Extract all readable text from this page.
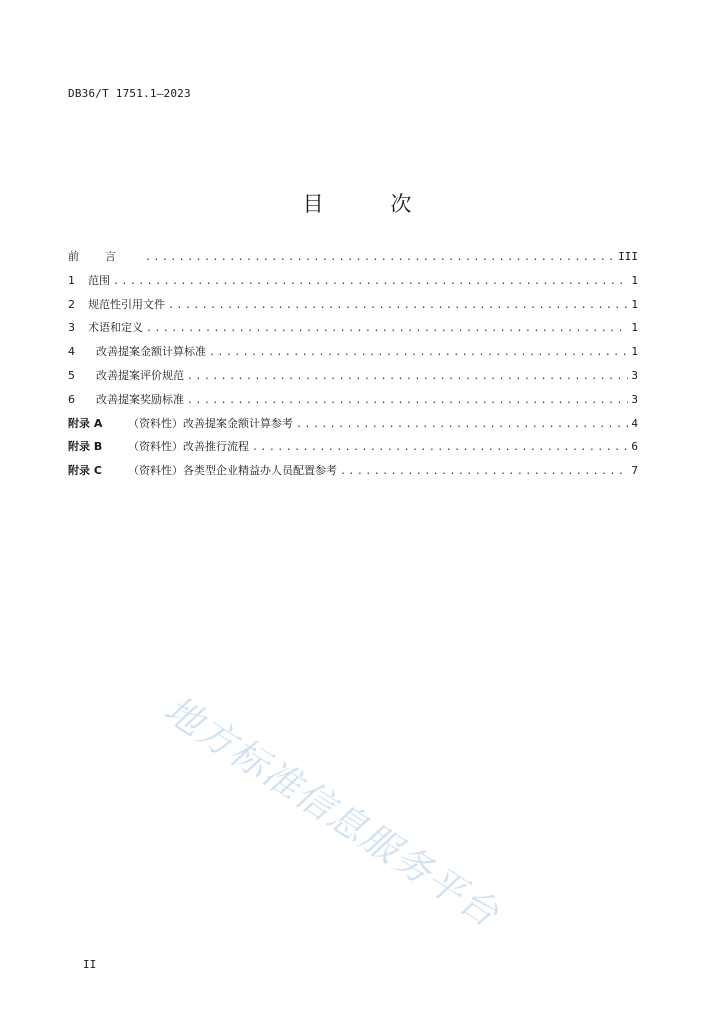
DB36/T 1751.1—2023
目 次
前言 .....	III
1	范围 .....	1
2	规范性引用文件 .....	1
3	术语和定义 .....	1
4	改善提案金额计算标准 .....	1
5	改善提案评价规范 .....	3
6	改善提案奖励标准 .....	3
附录 A	（资料性） 改善提案金额计算参考 .....	4
附录 B	（资料性） 改善推行流程 .....	6
附录 C	（资料性） 各类型企业精益办人员配置参考 .....	7
地方标准信息服务平台
II
